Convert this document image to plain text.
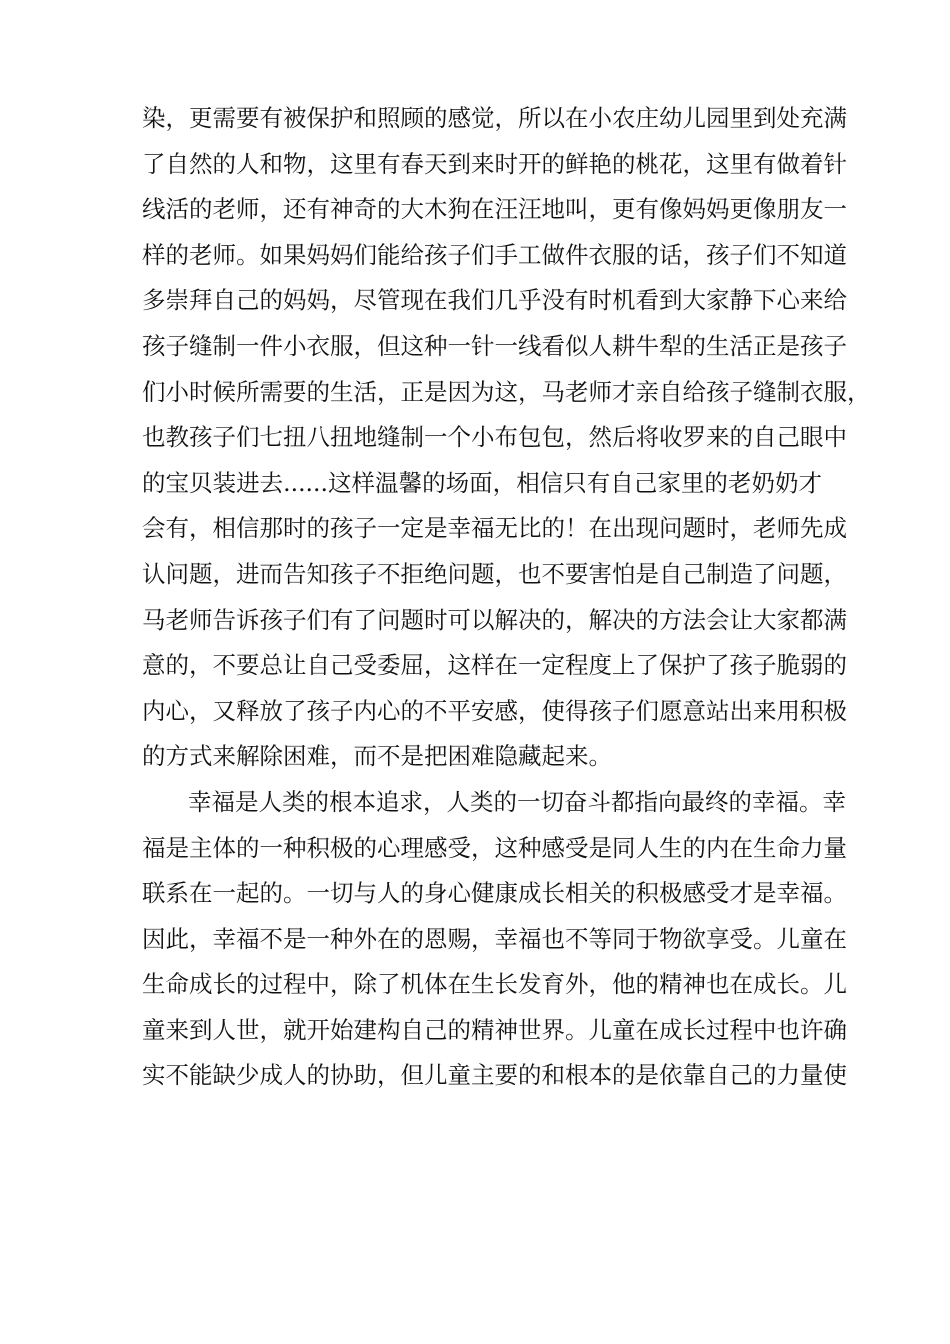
染，更需要有被保护和照顾的感觉，所以在小农庄幼儿园里到处充满
了自然的人和物，这里有春天到来时开的鲜艳的桃花，这里有做着针
线活的老师，还有神奇的大木狗在汪汪地叫，更有像妈妈更像朋友一
样的老师。如果妈妈们能给孩子们手工做件衣服的话，孩子们不知道
多崇拜自己的妈妈，尽管现在我们几乎没有时机看到大家静下心来给
孩子缝制一件小衣服，但这种一针一线看似人耕牛犁的生活正是孩子
们小时候所需要的生活，正是因为这，马老师才亲自给孩子缝制衣服，
也教孩子们七扭八扭地缝制一个小布包包，然后将收罗来的自己眼中
的宝贝装进去......这样温馨的场面，相信只有自己家里的老奶奶才
会有，相信那时的孩子一定是幸福无比的！在出现问题时，老师先成
认问题，进而告知孩子不拒绝问题，也不要害怕是自己制造了问题，
马老师告诉孩子们有了问题时可以解决的，解决的方法会让大家都满
意的，不要总让自己受委屈，这样在一定程度上了保护了孩子脆弱的
内心，又释放了孩子内心的不平安感，使得孩子们愿意站出来用积极
的方式来解除困难，而不是把困难隐藏起来。
幸福是人类的根本追求，人类的一切奋斗都指向最终的幸福。幸
福是主体的一种积极的心理感受，这种感受是同人生的内在生命力量
联系在一起的。一切与人的身心健康成长相关的积极感受才是幸福。
因此，幸福不是一种外在的恩赐，幸福也不等同于物欲享受。儿童在
生命成长的过程中，除了机体在生长发育外，他的精神也在成长。儿
童来到人世，就开始建构自己的精神世界。儿童在成长过程中也许确
实不能缺少成人的协助，但儿童主要的和根本的是依靠自己的力量使
